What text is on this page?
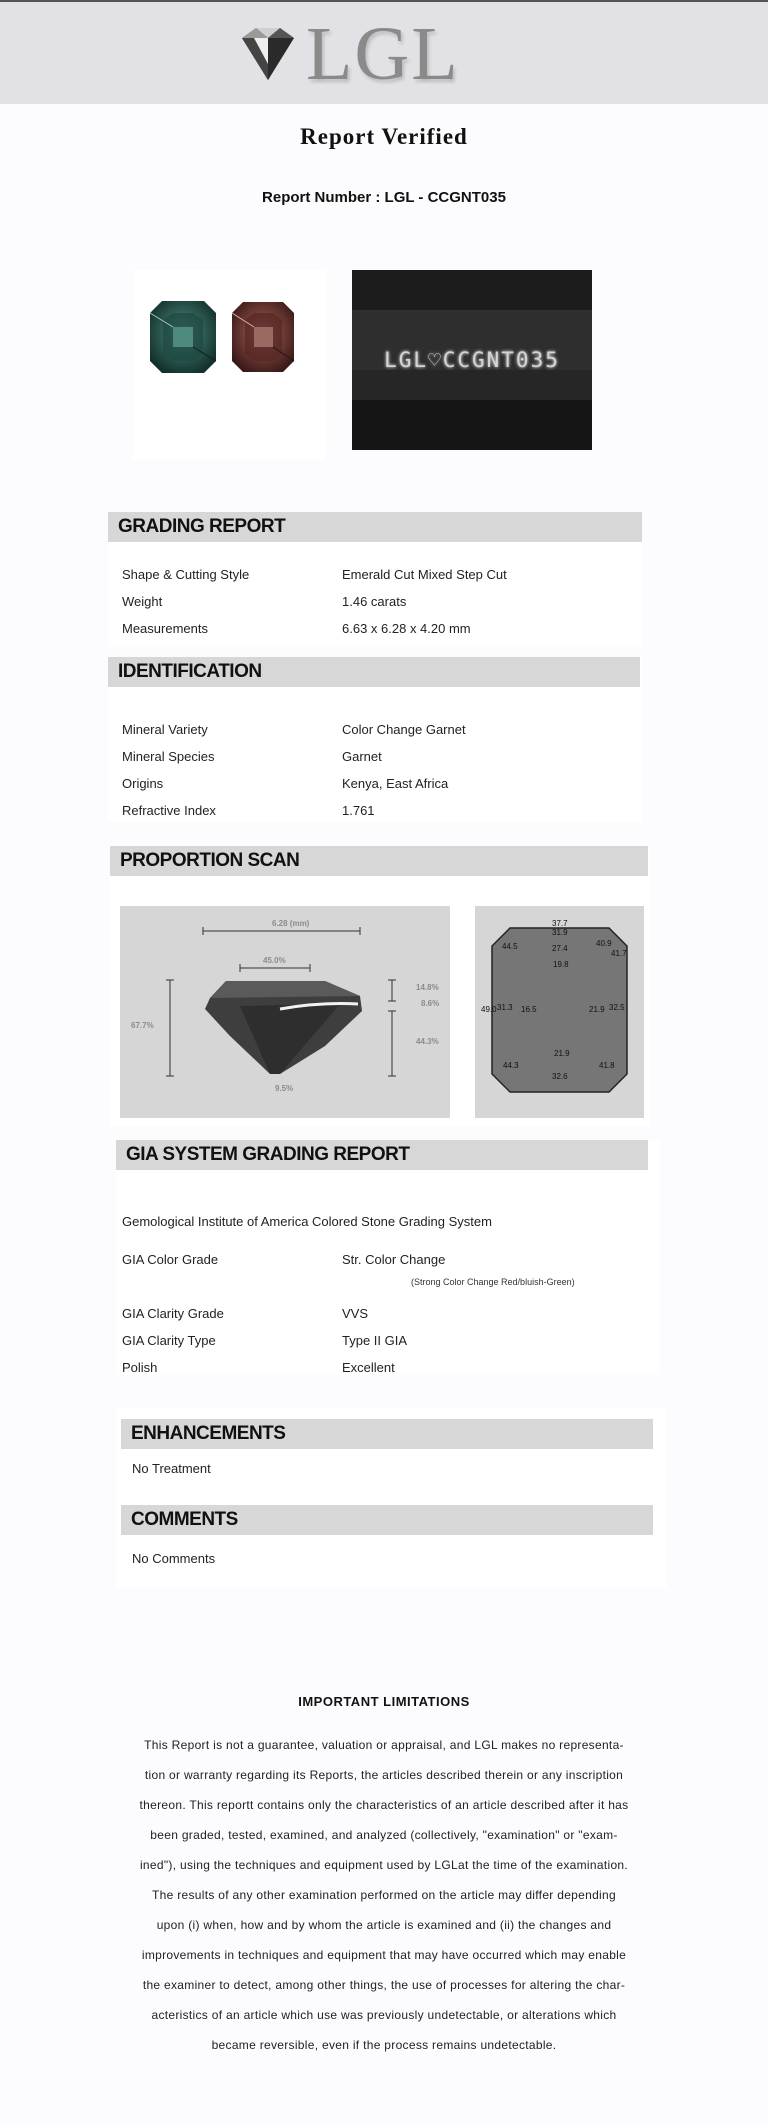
LGL
Report Verified
Report Number : LGL - CCGNT035
LGL♡CCGNT035
GRADING REPORT
Shape & Cutting Style	Emerald Cut Mixed Step Cut
Weight	1.46 carats
Measurements	6.63 x 6.28 x 4.20 mm
IDENTIFICATION
Mineral Variety	Color Change Garnet
Mineral Species	Garnet
Origins	Kenya, East Africa
Refractive Index	1.761
PROPORTION SCAN
6.28 (mm)
45.0%
67.7%
14.8%
8.6%
44.3%
9.5%
37.7
31.9
27.4
40.9
44.5
41.7
19.8
49.0 31.3 16.5	21.9 32.5
21.9
44.3	41.8
32.6
GIA SYSTEM GRADING REPORT
Gemological Institute of America Colored Stone Grading System
GIA Color Grade	Str. Color Change
(Strong Color Change Red/bluish-Green)
GIA Clarity Grade	VVS
GIA Clarity Type	Type II GIA
Polish	Excellent
ENHANCEMENTS
No Treatment
COMMENTS
No Comments
IMPORTANT LIMITATIONS
This Report is not a guarantee, valuation or appraisal, and LGL makes no representa-
tion or warranty regarding its Reports, the articles described therein or any inscription
thereon. This reportt contains only the characteristics of an article described after it has
been graded, tested, examined, and analyzed (collectively, "examination" or "exam-
ined"), using the techniques and equipment used by LGLat the time of the examination.
The results of any other examination performed on the article may differ depending
upon (i) when, how and by whom the article is examined and (ii) the changes and
improvements in techniques and equipment that may have occurred which may enable
the examiner to detect, among other things, the use of processes for altering the char-
acteristics of an article which use was previously undetectable, or alterations which
became reversible, even if the process remains undetectable.
